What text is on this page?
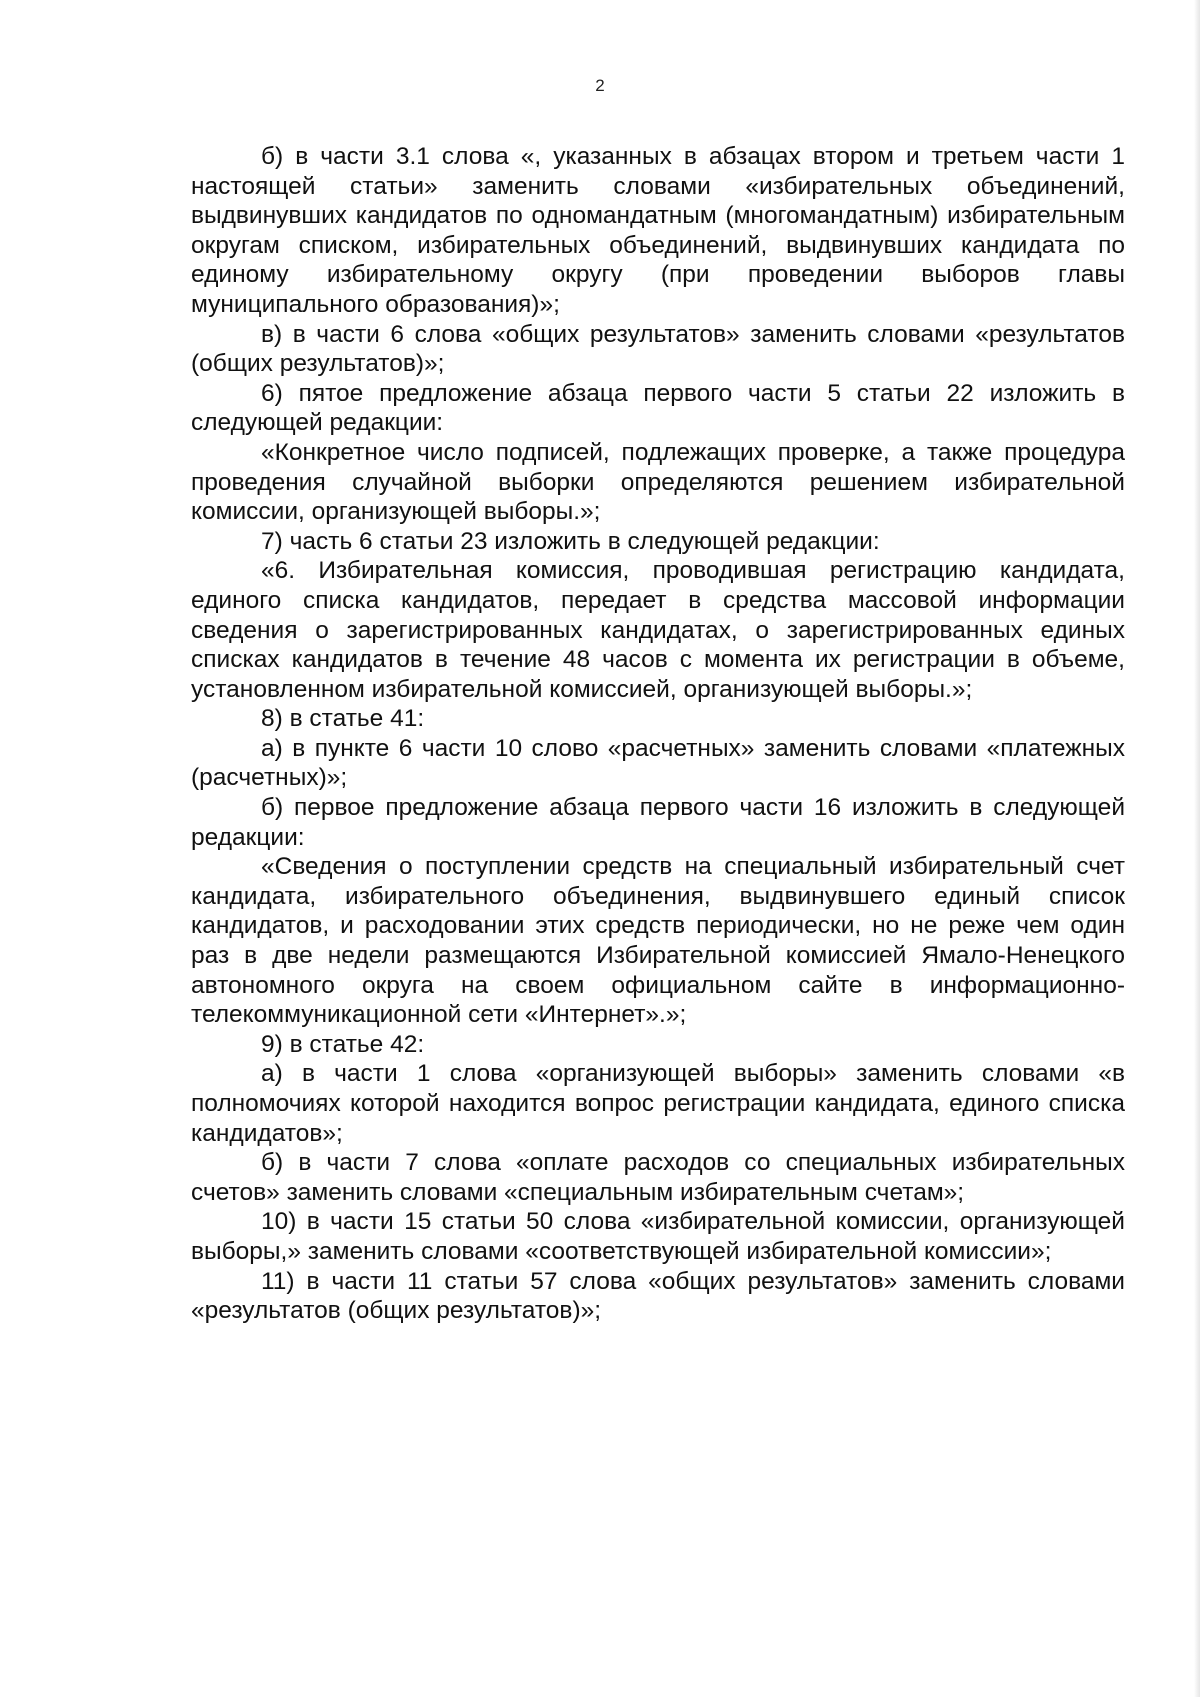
2

б) в части 3.1 слова «, указанных в абзацах втором и третьем части 1 настоящей статьи» заменить словами «избирательных объединений, выдвинувших кандидатов по одномандатным (многомандатным) избирательным округам списком, избирательных объединений, выдвинувших кандидата по единому избирательному округу (при проведении выборов главы муниципального образования)»;

в) в части 6 слова «общих результатов» заменить словами «результатов (общих результатов)»;

6) пятое предложение абзаца первого части 5 статьи 22 изложить в следующей редакции:

«Конкретное число подписей, подлежащих проверке, а также процедура проведения случайной выборки определяются решением избирательной комиссии, организующей выборы.»;

7) часть 6 статьи 23 изложить в следующей редакции:

«6. Избирательная комиссия, проводившая регистрацию кандидата, единого списка кандидатов, передает в средства массовой информации сведения о зарегистрированных кандидатах, о зарегистрированных единых списках кандидатов в течение 48 часов с момента их регистрации в объеме, установленном избирательной комиссией, организующей выборы.»;

8) в статье 41:

а) в пункте 6 части 10 слово «расчетных» заменить словами «платежных (расчетных)»;

б) первое предложение абзаца первого части 16 изложить в следующей редакции:

«Сведения о поступлении средств на специальный избирательный счет кандидата, избирательного объединения, выдвинувшего единый список кандидатов, и расходовании этих средств периодически, но не реже чем один раз в две недели размещаются Избирательной комиссией Ямало-Ненецкого автономного округа на своем официальном сайте в информационно-телекоммуникационной сети «Интернет».»;

9) в статье 42:

а) в части 1 слова «организующей выборы» заменить словами «в полномочиях которой находится вопрос регистрации кандидата, единого списка кандидатов»;

б) в части 7 слова «оплате расходов со специальных избирательных счетов» заменить словами «специальным избирательным счетам»;

10) в части 15 статьи 50 слова «избирательной комиссии, организующей выборы,» заменить словами «соответствующей избирательной комиссии»;

11) в части 11 статьи 57 слова «общих результатов» заменить словами «результатов (общих результатов)»;
